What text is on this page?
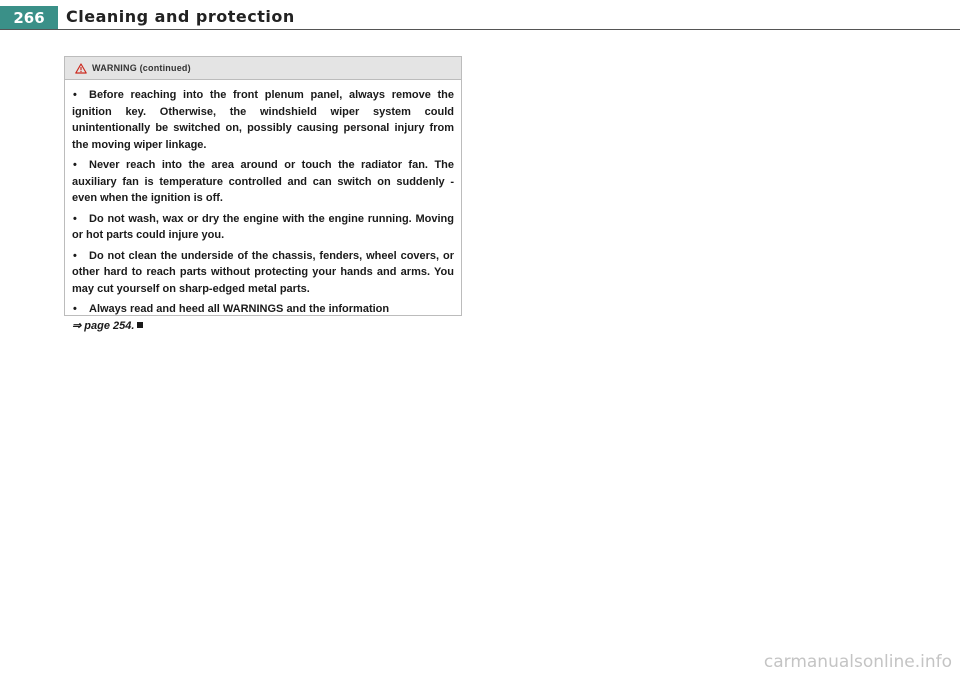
266	Cleaning and protection
WARNING (continued)

• Before reaching into the front plenum panel, always remove the ignition key. Otherwise, the windshield wiper system could unintentionally be switched on, possibly causing personal injury from the moving wiper linkage.

• Never reach into the area around or touch the radiator fan. The auxiliary fan is temperature controlled and can switch on suddenly - even when the ignition is off.

• Do not wash, wax or dry the engine with the engine running. Moving or hot parts could injure you.

• Do not clean the underside of the chassis, fenders, wheel covers, or other hard to reach parts without protecting your hands and arms. You may cut yourself on sharp-edged metal parts.

• Always read and heed all WARNINGS and the information

⇒ page 254.
carmanualsonline.info
